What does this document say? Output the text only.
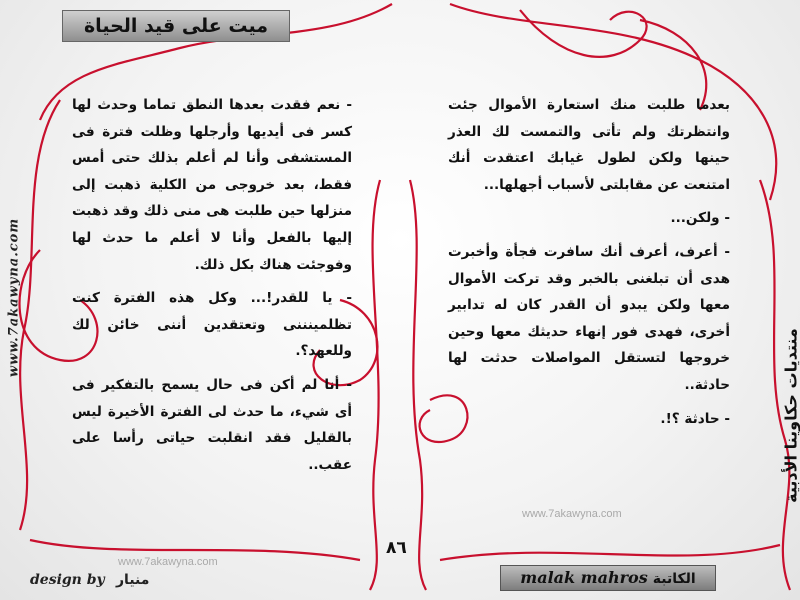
www.7akawyna.com
منتديات حكاوينا الأدبية
ميت على قيد الحياة

- نعم فقدت بعدها النطق تماما وحدث لها كسر فى أيديها وأرجلها وظلت فترة فى المستشفى وأنا لم أعلم بذلك حتى أمس فقط، بعد خروجى من الكلية ذهبت إلى منزلها حين طلبت هى منى ذلك وقد ذهبت إليها بالفعل وأنا لا أعلم ما حدث لها وفوجئت هناك بكل ذلك.

- يا للقدر!... وكل هذه الفترة كنت تظلمينننى وتعتقدين أننى خائن لك وللعهد؟.

- أنا لم أكن فى حال يسمح بالتفكير فى أى شيء، ما حدث لى الفترة الأخيرة ليس بالقليل فقد انقلبت حياتى رأسا على عقب..

بعدما طلبت منك استعارة الأموال جئت وانتظرتك ولم تأتى والتمست لك العذر حينها ولكن لطول غيابك اعتقدت أنك امتنعت عن مقابلتى لأسباب أجهلها...

- ولكن...

- أعرف، أعرف أنك سافرت فجأة وأخبرت هدى أن تبلغنى بالخبر وقد تركت الأموال معها ولكن يبدو أن القدر كان له تدابير أخرى، فهدى فور إنهاء حديثك معها وحين خروجها لتستقل المواصلات حدثت لها حادثة..

- حادثة ؟!.

www.7akawyna.com
www.7akawyna.com
٨٦
الكاتبة malak mahros
design by منيار
